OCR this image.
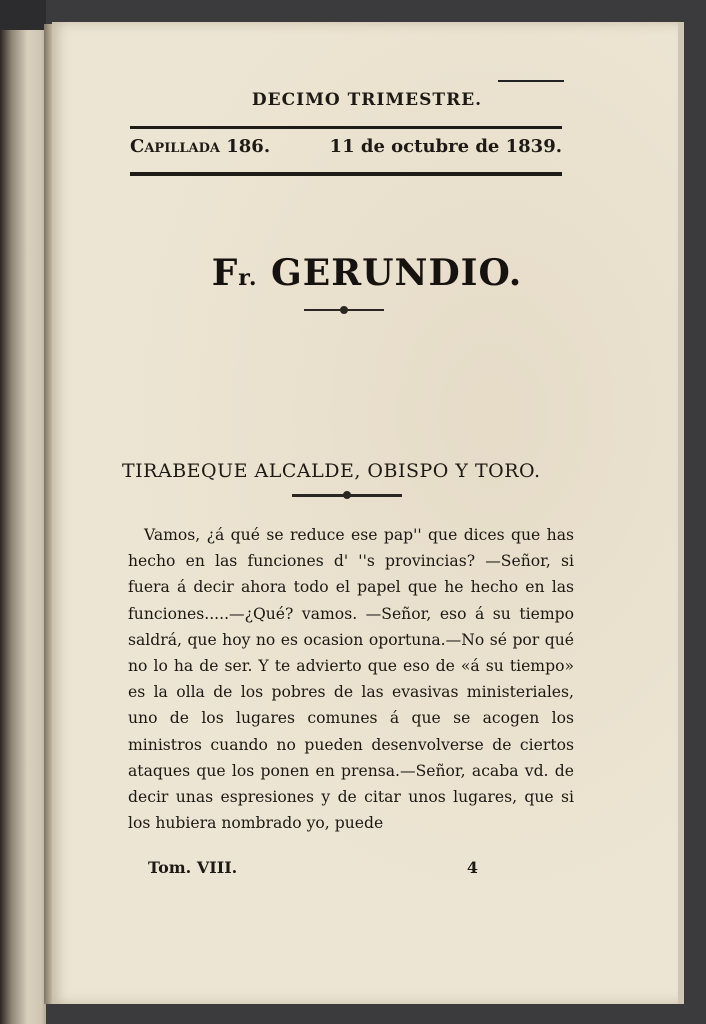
DECIMO TRIMESTRE.
Capillada 186.	11 de octubre de 1839.
Fr. GERUNDIO.
TIRABEQUE ALCALDE, OBISPO Y TORO.

Vamos, ¿á qué se reduce ese pap'' que dices que has hecho en las funciones d' ''s provincias? —Señor, si fuera á decir ahora todo el papel que he hecho en las funciones.....—¿Qué? vamos. —Señor, eso á su tiempo saldrá, que hoy no es ocasion oportuna.—No sé por qué no lo ha de ser. Y te advierto que eso de «á su tiempo» es la olla de los pobres de las evasivas ministeriales, uno de los lugares comunes á que se acogen los ministros cuando no pueden desenvolverse de ciertos ataques que los ponen en prensa.—Señor, acaba vd. de decir unas espresiones y de citar unos lugares, que si los hubiera nombrado yo, puede

Tom. VIII.	4
